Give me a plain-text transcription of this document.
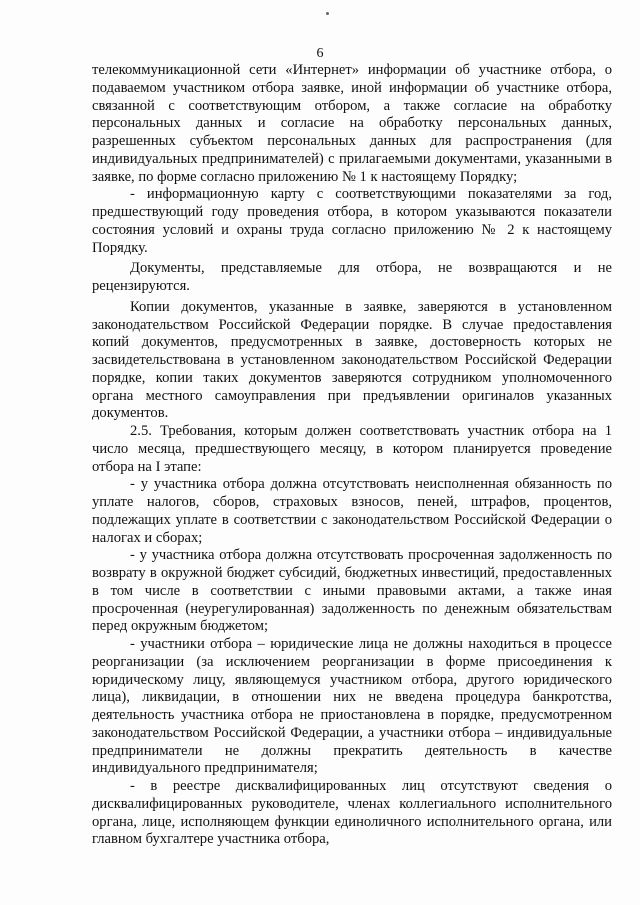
6

телекоммуникационной сети «Интернет» информации об участнике отбора, о подаваемом участником отбора заявке, иной информации об участнике отбора, связанной с соответствующим отбором, а также согласие на обработку персональных данных и согласие на обработку персональных данных, разрешенных субъектом персональных данных для распространения (для индивидуальных предпринимателей) с прилагаемыми документами, указанными в заявке, по форме согласно приложению № 1 к настоящему Порядку;

- информационную карту с соответствующими показателями за год, предшествующий году проведения отбора, в котором указываются показатели состояния условий и охраны труда согласно приложению № 2 к настоящему Порядку.

Документы, представляемые для отбора, не возвращаются и не рецензируются.

Копии документов, указанные в заявке, заверяются в установленном законодательством Российской Федерации порядке. В случае предоставления копий документов, предусмотренных в заявке, достоверность которых не засвидетельствована в установленном законодательством Российской Федерации порядке, копии таких документов заверяются сотрудником уполномоченного органа местного самоуправления при предъявлении оригиналов указанных документов.

2.5. Требования, которым должен соответствовать участник отбора на 1 число месяца, предшествующего месяцу, в котором планируется проведение отбора на I этапе:

- у участника отбора должна отсутствовать неисполненная обязанность по уплате налогов, сборов, страховых взносов, пеней, штрафов, процентов, подлежащих уплате в соответствии с законодательством Российской Федерации о налогах и сборах;

- у участника отбора должна отсутствовать просроченная задолженность по возврату в окружной бюджет субсидий, бюджетных инвестиций, предоставленных в том числе в соответствии с иными правовыми актами, а также иная просроченная (неурегулированная) задолженность по денежным обязательствам перед окружным бюджетом;

- участники отбора – юридические лица не должны находиться в процессе реорганизации (за исключением реорганизации в форме присоединения к юридическому лицу, являющемуся участником отбора, другого юридического лица), ликвидации, в отношении них не введена процедура банкротства, деятельность участника отбора не приостановлена в порядке, предусмотренном законодательством Российской Федерации, а участники отбора – индивидуальные предприниматели не должны прекратить деятельность в качестве индивидуального предпринимателя;

- в реестре дисквалифицированных лиц отсутствуют сведения о дисквалифицированных руководителе, членах коллегиального исполнительного органа, лице, исполняющем функции единоличного исполнительного органа, или главном бухгалтере участника отбора,
